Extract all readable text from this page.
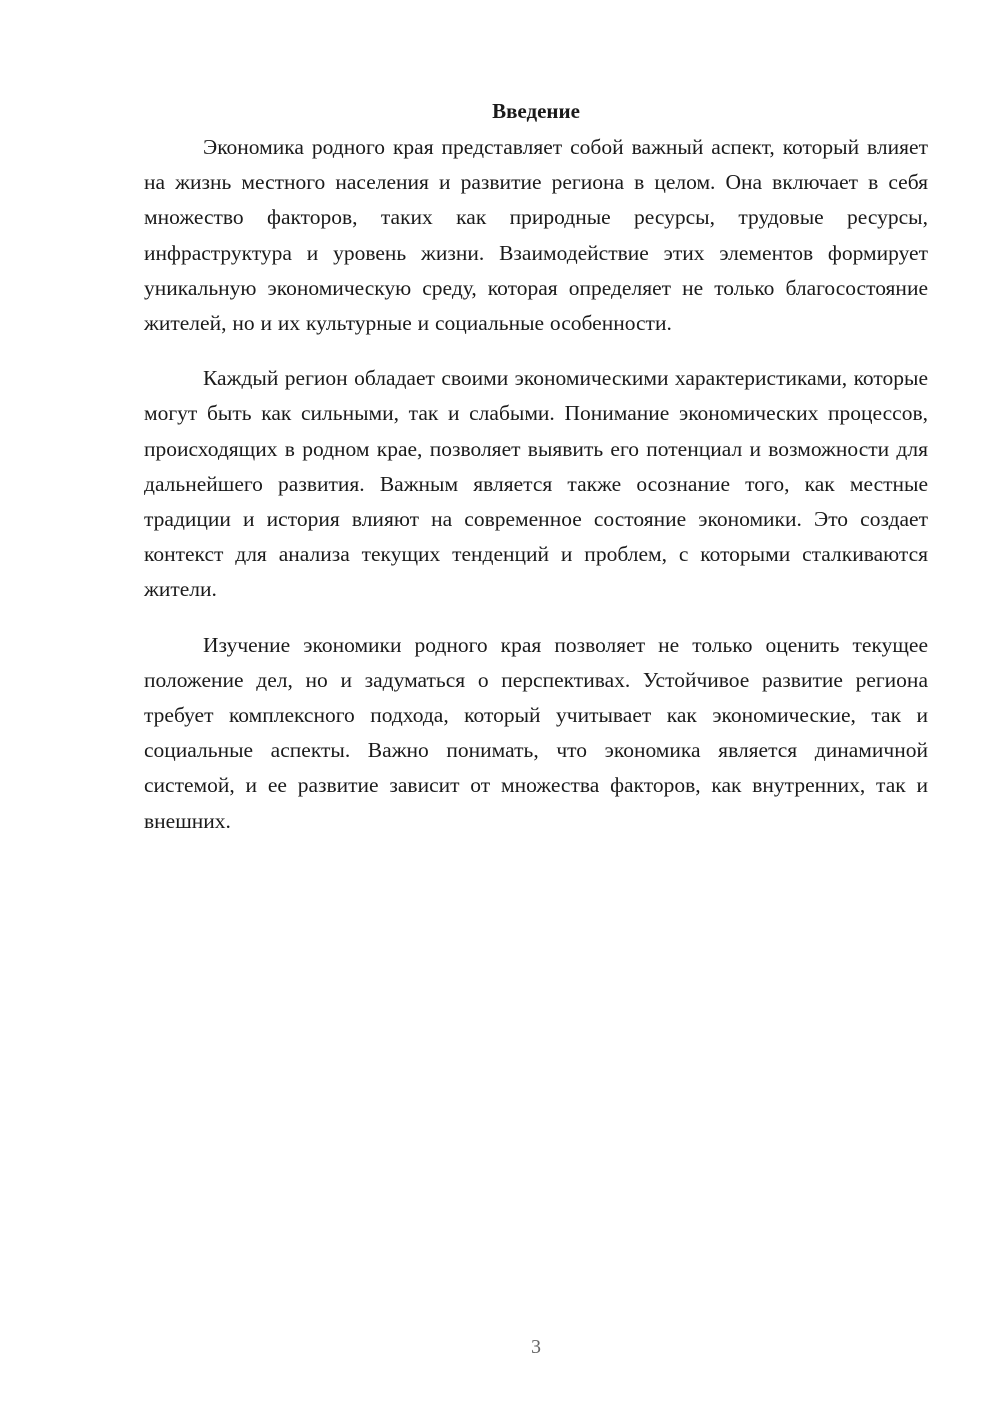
Введение

Экономика родного края представляет собой важный аспект, который влияет на жизнь местного населения и развитие региона в целом. Она включает в себя множество факторов, таких как природные ресурсы, трудовые ресурсы, инфраструктура и уровень жизни. Взаимодействие этих элементов формирует уникальную экономическую среду, которая определяет не только благосостояние жителей, но и их культурные и социальные особенности.

Каждый регион обладает своими экономическими характеристиками, которые могут быть как сильными, так и слабыми. Понимание экономических процессов, происходящих в родном крае, позволяет выявить его потенциал и возможности для дальнейшего развития. Важным является также осознание того, как местные традиции и история влияют на современное состояние экономики. Это создает контекст для анализа текущих тенденций и проблем, с которыми сталкиваются жители.

Изучение экономики родного края позволяет не только оценить текущее положение дел, но и задуматься о перспективах. Устойчивое развитие региона требует комплексного подхода, который учитывает как экономические, так и социальные аспекты. Важно понимать, что экономика является динамичной системой, и ее развитие зависит от множества факторов, как внутренних, так и внешних.

3
